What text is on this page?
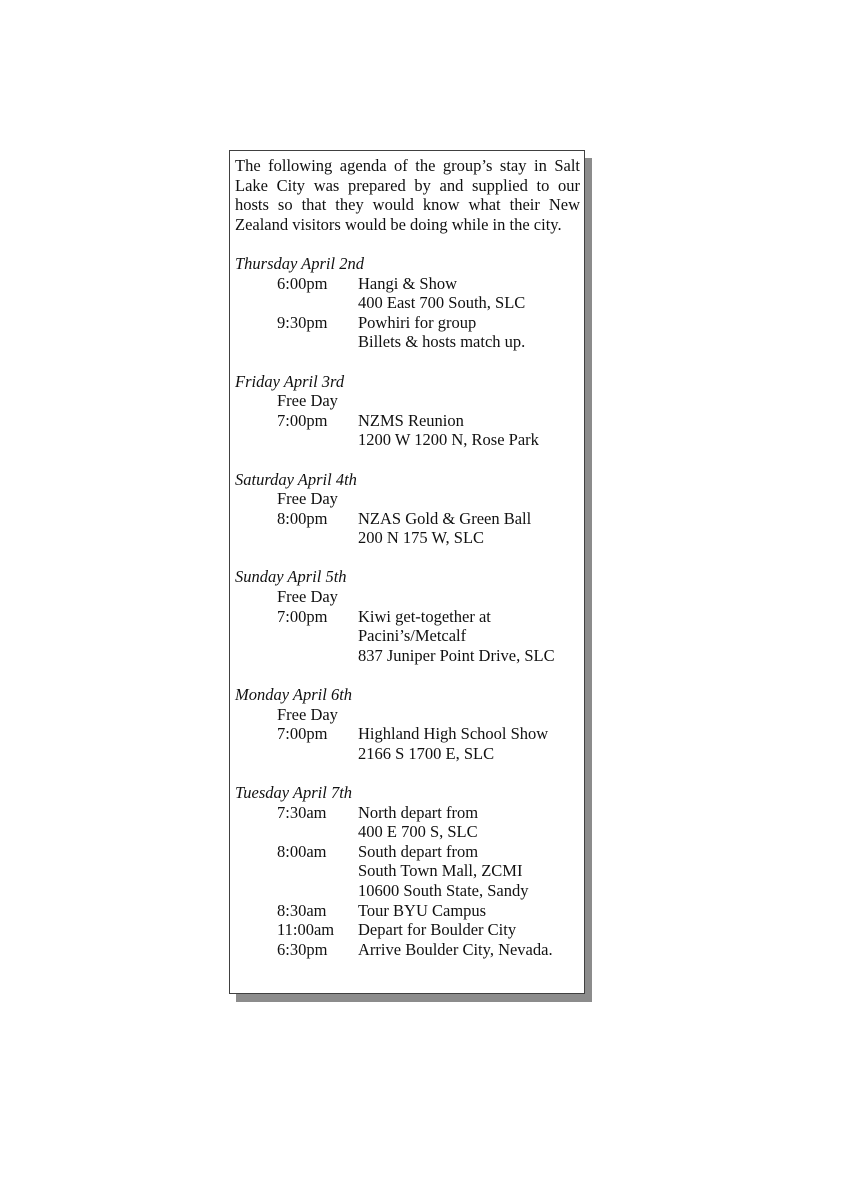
The following agenda of the group’s stay in Salt
Lake City was prepared by and supplied to our
hosts so that they would know what their New
Zealand visitors would be doing while in the city.
Thursday April 2nd
6:00pm	Hangi & Show
400 East 700 South, SLC
9:30pm	Powhiri for group
Billets & hosts match up.
Friday April 3rd
Free Day
7:00pm	NZMS Reunion
1200 W 1200 N, Rose Park
Saturday April 4th
Free Day
8:00pm	NZAS Gold & Green Ball
200 N 175 W, SLC
Sunday April 5th
Free Day
7:00pm	Kiwi get-together at
Pacini’s/Metcalf
837 Juniper Point Drive, SLC
Monday April 6th
Free Day
7:00pm	Highland High School Show
2166 S 1700 E, SLC
Tuesday April 7th
7:30am	North depart from
400 E 700 S, SLC
8:00am	South depart from
South Town Mall, ZCMI
10600 South State, Sandy
8:30am	Tour BYU Campus
11:00am	Depart for Boulder City
6:30pm	Arrive Boulder City, Nevada.
